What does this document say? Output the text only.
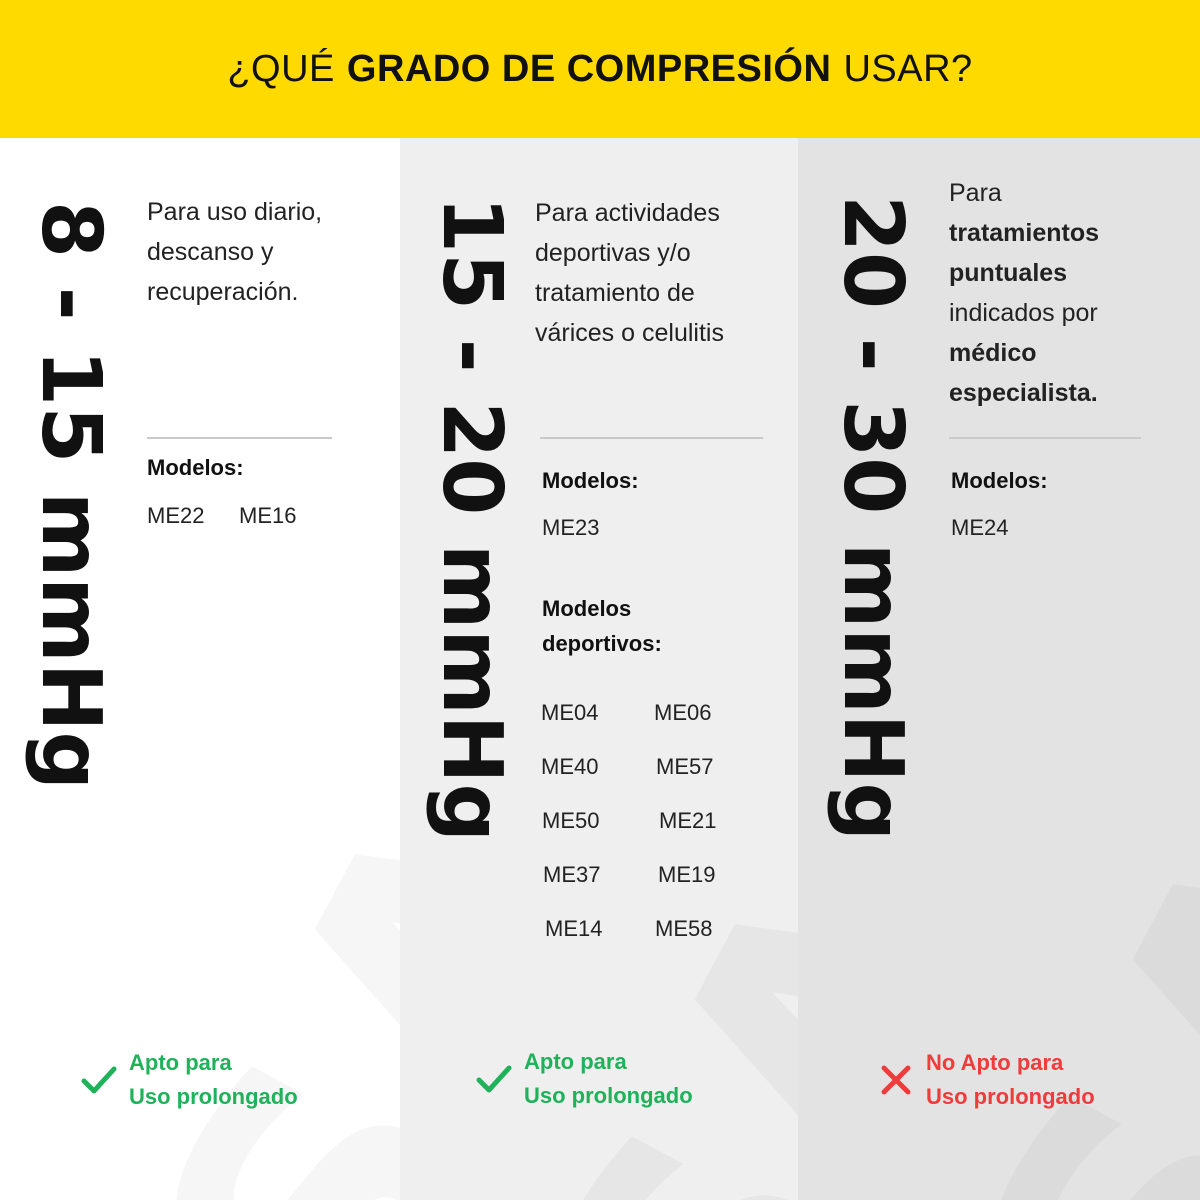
¿QUÉ GRADO DE COMPRESIÓN USAR?
8 - 15 mmHg Para uso diario, descanso y recuperación.
Modelos:
ME22 ME16
Apto para
Uso prolongado
15 - 20 mmHg Para actividades deportivas y/o tratamiento de várices o celulitis
Modelos:
ME23
Modelos
deportivos:
ME04	ME06
ME40	ME57
ME50	ME21
ME37	ME19
ME14 ME58
Apto para
Uso prolongado
20 - 30 mmHg
Para
tratamientos
puntuales
indicados por
médico
especialista.
Modelos:
ME24
No Apto para
Uso prolongado
